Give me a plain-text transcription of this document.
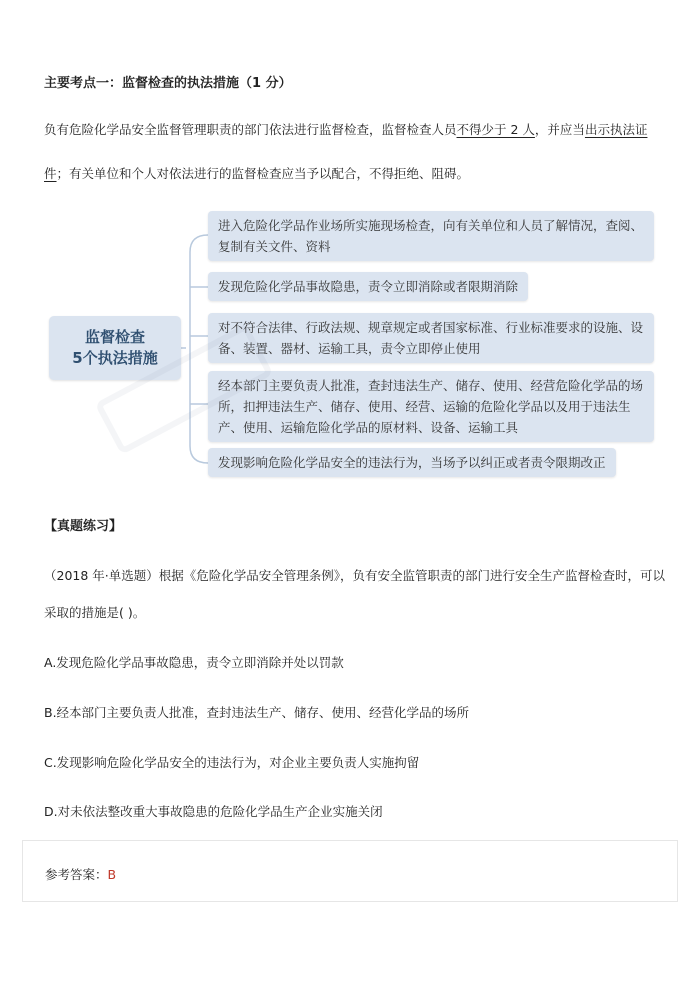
主要考点一：监督检查的执法措施（1 分）
负有危险化学品安全监督管理职责的部门依法进行监督检查，监督检查人员不得少于 2 人，并应当出示执法证
件；有关单位和个人对依法进行的监督检查应当予以配合，不得拒绝、阻碍。
监督检查
5个执法措施
进入危险化学品作业场所实施现场检查，向有关单位和人员了解情况，查阅、复制有关文件、资料
发现危险化学品事故隐患，责令立即消除或者限期消除
对不符合法律、行政法规、规章规定或者国家标准、行业标准要求的设施、设备、装置、器材、运输工具，责令立即停止使用
经本部门主要负责人批准，查封违法生产、储存、使用、经营危险化学品的场所，扣押违法生产、储存、使用、经营、运输的危险化学品以及用于违法生产、使用、运输危险化学品的原材料、设备、运输工具
发现影响危险化学品安全的违法行为，当场予以纠正或者责令限期改正
【真题练习】
（2018 年·单选题）根据《危险化学品安全管理条例》，负有安全监管职责的部门进行安全生产监督检查时，可以
采取的措施是( )。
A.发现危险化学品事故隐患，责令立即消除并处以罚款
B.经本部门主要负责人批准，查封违法生产、储存、使用、经营化学品的场所
C.发现影响危险化学品安全的违法行为，对企业主要负责人实施拘留
D.对未依法整改重大事故隐患的危险化学品生产企业实施关闭
参考答案：B
